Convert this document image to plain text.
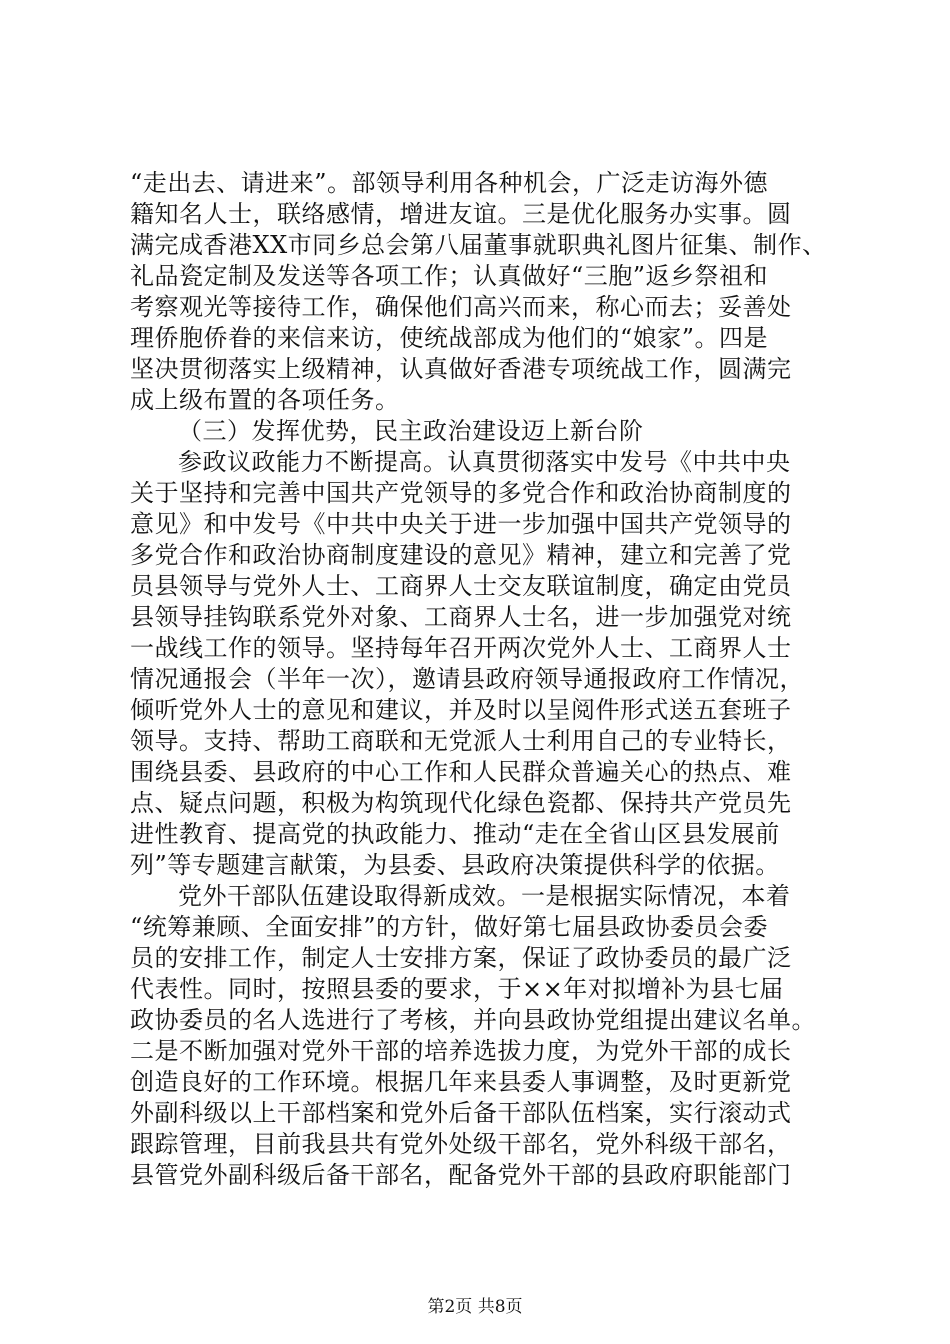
“走出去、请进来”。部领导利用各种机会，广泛走访海外德
籍知名人士，联络感情，增进友谊。三是优化服务办实事。圆
满完成香港XX市同乡总会第八届董事就职典礼图片征集、制作、
礼品瓷定制及发送等各项工作；认真做好“三胞”返乡祭祖和
考察观光等接待工作，确保他们高兴而来，称心而去；妥善处
理侨胞侨眷的来信来访，使统战部成为他们的“娘家”。四是
坚决贯彻落实上级精神，认真做好香港专项统战工作，圆满完
成上级布置的各项任务。
（三）发挥优势，民主政治建设迈上新台阶
参政议政能力不断提高。认真贯彻落实中发号《中共中央
关于坚持和完善中国共产党领导的多党合作和政治协商制度的
意见》和中发号《中共中央关于进一步加强中国共产党领导的
多党合作和政治协商制度建设的意见》精神，建立和完善了党
员县领导与党外人士、工商界人士交友联谊制度，确定由党员
县领导挂钩联系党外对象、工商界人士名，进一步加强党对统
一战线工作的领导。坚持每年召开两次党外人士、工商界人士
情况通报会（半年一次），邀请县政府领导通报政府工作情况，
倾听党外人士的意见和建议，并及时以呈阅件形式送五套班子
领导。支持、帮助工商联和无党派人士利用自己的专业特长，
围绕县委、县政府的中心工作和人民群众普遍关心的热点、难
点、疑点问题，积极为构筑现代化绿色瓷都、保持共产党员先
进性教育、提高党的执政能力、推动“走在全省山区县发展前
列”等专题建言献策，为县委、县政府决策提供科学的依据。
党外干部队伍建设取得新成效。一是根据实际情况，本着
“统筹兼顾、全面安排”的方针，做好第七届县政协委员会委
员的安排工作，制定人士安排方案，保证了政协委员的最广泛
代表性。同时，按照县委的要求，于××年对拟增补为县七届
政协委员的名人选进行了考核，并向县政协党组提出建议名单。
二是不断加强对党外干部的培养选拔力度，为党外干部的成长
创造良好的工作环境。根据几年来县委人事调整，及时更新党
外副科级以上干部档案和党外后备干部队伍档案，实行滚动式
跟踪管理，目前我县共有党外处级干部名，党外科级干部名，
县管党外副科级后备干部名，配备党外干部的县政府职能部门
第2页 共8页
